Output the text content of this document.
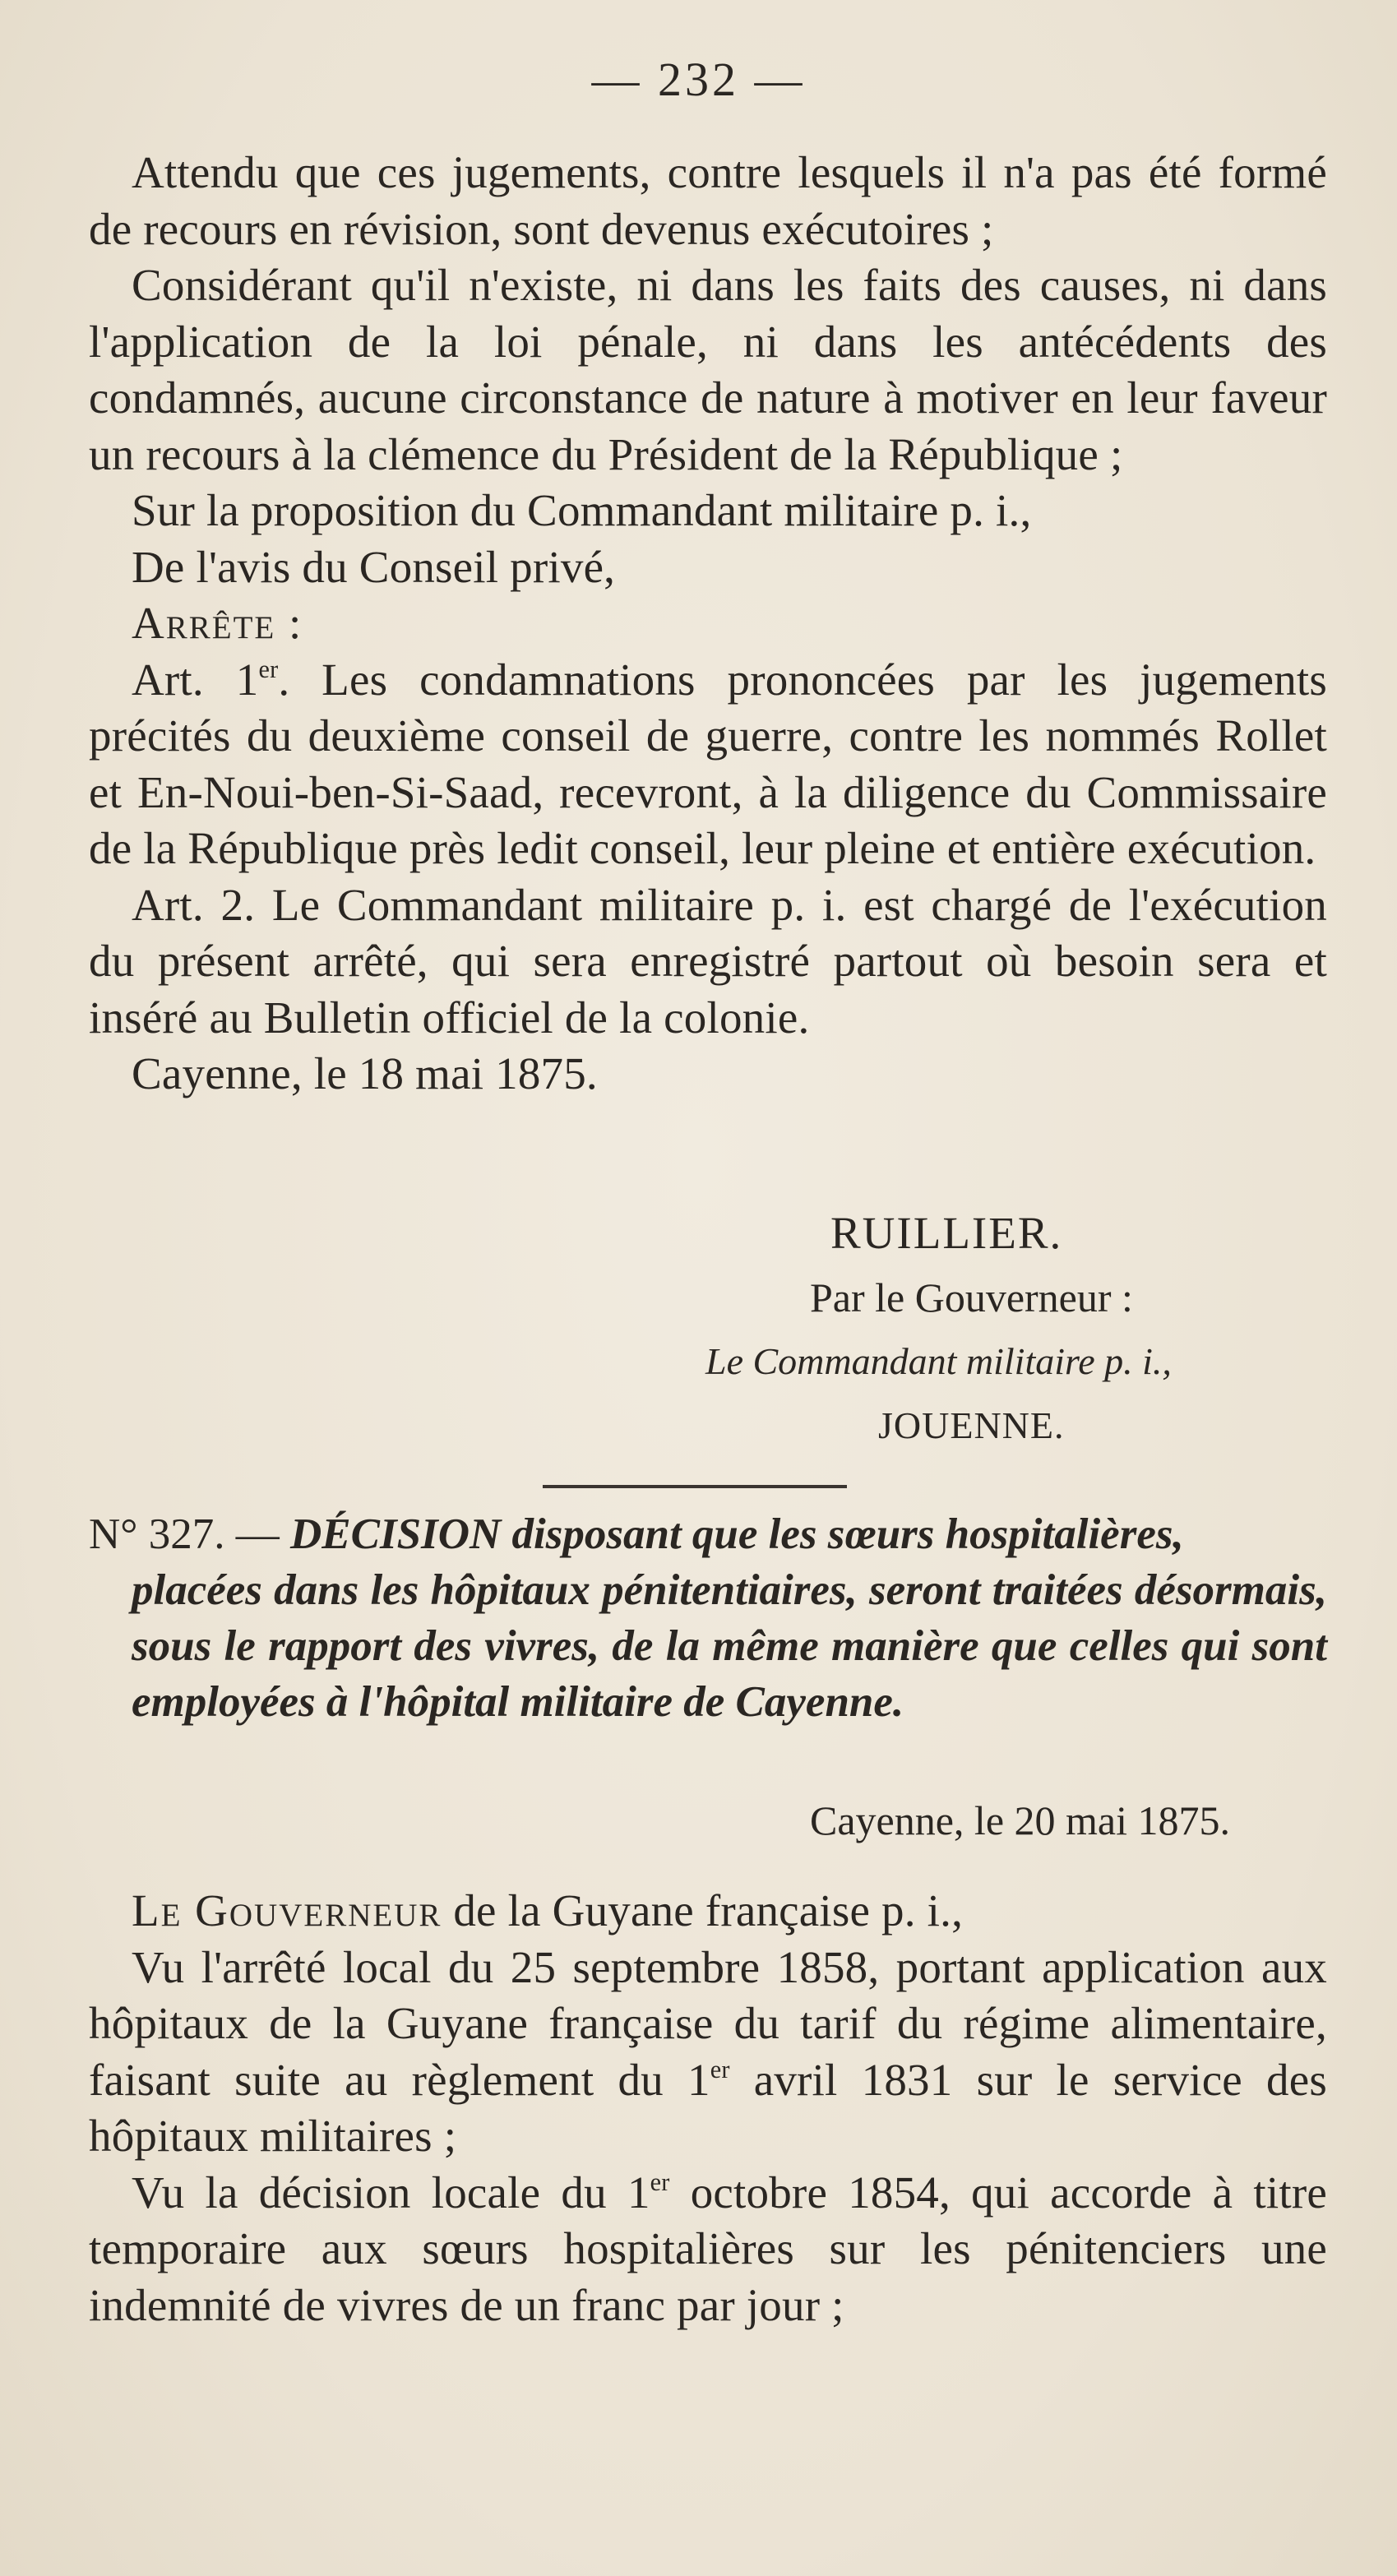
— 232 —

Attendu que ces jugements, contre lesquels il n'a pas été formé de recours en révision, sont devenus exécutoires ;

Considérant qu'il n'existe, ni dans les faits des causes, ni dans l'application de la loi pénale, ni dans les antécédents des condamnés, aucune circonstance de nature à motiver en leur faveur un recours à la clémence du Président de la République ;

Sur la proposition du Commandant militaire p. i.,

De l'avis du Conseil privé,

Arrête :

Art. 1er. Les condamnations prononcées par les jugements précités du deuxième conseil de guerre, contre les nommés Rollet et En-Noui-ben-Si-Saad, recevront, à la diligence du Commissaire de la République près ledit conseil, leur pleine et entière exécution.

Art. 2. Le Commandant militaire p. i. est chargé de l'exécution du présent arrêté, qui sera enregistré partout où besoin sera et inséré au Bulletin officiel de la colonie.

Cayenne, le 18 mai 1875.

RUILLIER.
Par le Gouverneur :
Le Commandant militaire p. i.,
JOUENNE.
N° 327. — DÉCISION disposant que les sœurs hospitalières,
placées dans les hôpitaux pénitentiaires, seront traitées désormais, sous le rapport des vivres, de la même manière que celles qui sont employées à l'hôpital militaire de Cayenne.
Cayenne, le 20 mai 1875.

Le Gouverneur de la Guyane française p. i.,

Vu l'arrêté local du 25 septembre 1858, portant application aux hôpitaux de la Guyane française du tarif du régime alimentaire, faisant suite au règlement du 1er avril 1831 sur le service des hôpitaux militaires ;

Vu la décision locale du 1er octobre 1854, qui accorde à titre temporaire aux sœurs hospitalières sur les pénitenciers une indemnité de vivres de un franc par jour ;
